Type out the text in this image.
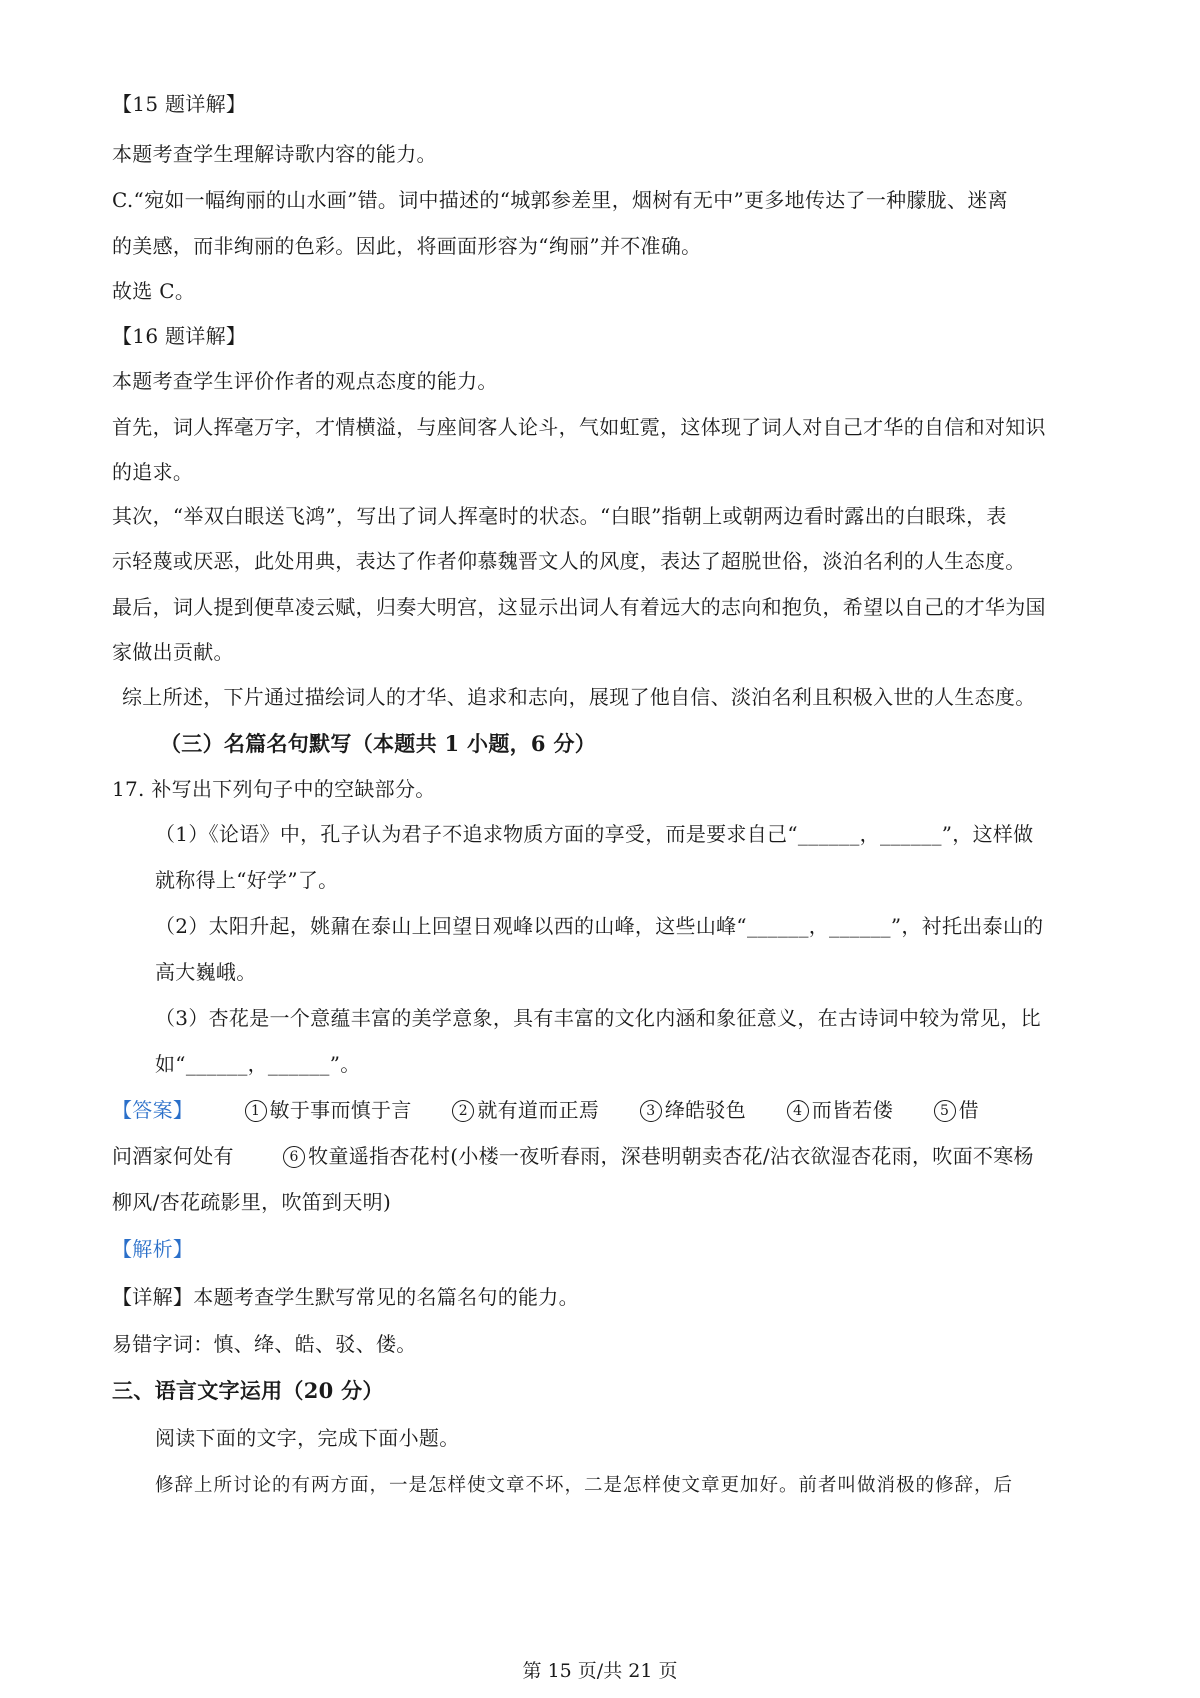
【15 题详解】
本题考查学生理解诗歌内容的能力。
C.“宛如一幅绚丽的山水画”错。词中描述的“城郭参差里，烟树有无中”更多地传达了一种朦胧、迷离
的美感，而非绚丽的色彩。因此，将画面形容为“绚丽”并不准确。
故选 C。
【16 题详解】
本题考查学生评价作者的观点态度的能力。
首先，词人挥毫万字，才情横溢，与座间客人论斗，气如虹霓，这体现了词人对自己才华的自信和对知识
的追求。
其次，“举双白眼送飞鸿”，写出了词人挥毫时的状态。“白眼”指朝上或朝两边看时露出的白眼珠，表
示轻蔑或厌恶，此处用典，表达了作者仰慕魏晋文人的风度，表达了超脱世俗，淡泊名利的人生态度。
最后，词人提到便草凌云赋，归奏大明宫，这显示出词人有着远大的志向和抱负，希望以自己的才华为国
家做出贡献。
综上所述，下片通过描绘词人的才华、追求和志向，展现了他自信、淡泊名利且积极入世的人生态度。
（三）名篇名句默写（本题共 1 小题，6 分）
17. 补写出下列句子中的空缺部分。
（1）《论语》中，孔子认为君子不追求物质方面的享受，而是要求自己“______，______”，这样做
就称得上“好学”了。
（2）太阳升起，姚鼐在泰山上回望日观峰以西的山峰，这些山峰“______，______”，衬托出泰山的
高大巍峨。
（3）杏花是一个意蕴丰富的美学意象，具有丰富的文化内涵和象征意义，在古诗词中较为常见，比
如“______，______”。
【答案】	1 敏于事而慎于言	2 就有道而正焉	3 绛皓驳色	4 而皆若偻	5 借
问酒家何处有	6 牧童遥指杏花村(小楼一夜听春雨，深巷明朝卖杏花/沾衣欲湿杏花雨，吹面不寒杨
柳风/杏花疏影里，吹笛到天明)
【解析】
【详解】本题考查学生默写常见的名篇名句的能力。
易错字词：慎、绛、皓、驳、偻。
三、语言文字运用（20 分）
阅读下面的文字，完成下面小题。
修辞上所讨论的有两方面，一是怎样使文章不坏，二是怎样使文章更加好。前者叫做消极的修辞，后
第 15 页/共 21 页
